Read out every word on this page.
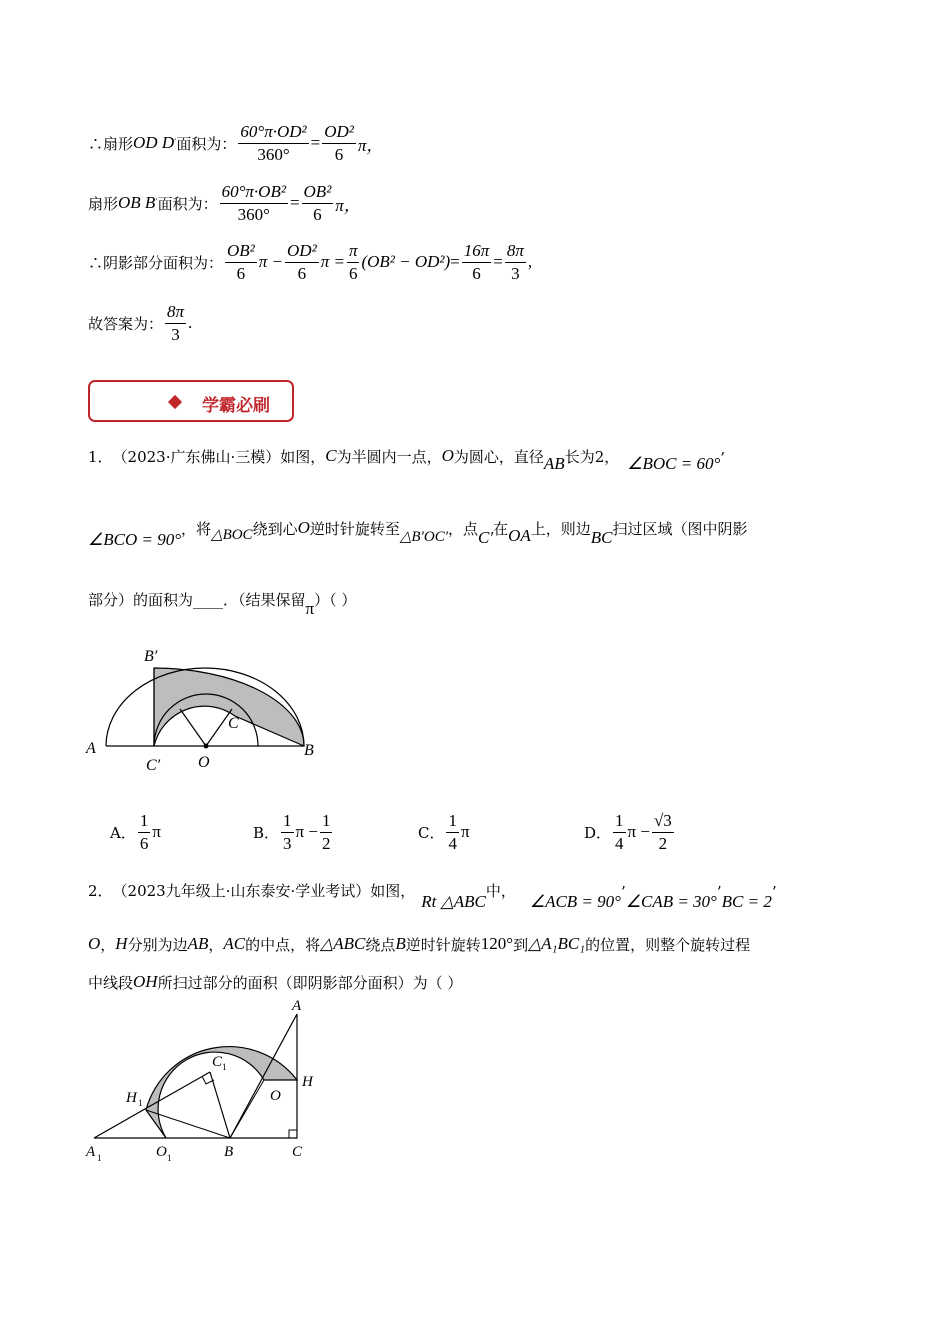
∴扇形 OD D ′ 面积为： $\frac{\text{60°π·OD²}}{360^\circ} = \frac{\text{OD²}}{6}$ π，
扇形 OB B ′ 面积为： $\frac{\text{60°π·OB²}}{360^\circ} = \frac{\text{OB²}}{6}$ π，
∴阴影部分面积为： $\frac{\text{OB²}}{6}$ $\pi - \frac{\text{OD²}}{6}$ $\pi = \frac{\pi}{6} (OB^2 - OD^2) = \frac{16\pi}{6} = \frac{8\pi}{3}$ ,
故答案为： $\frac{8\pi}{3}$ .
学霸必刷
1． （2023·广东佛山·三模）如图， C 为半圆内一点， O 为圆心，直径 AB 长为2， ∠BOC = 60° ’
∠BCO = 90°
，将 △BOC 绕到心 O 逆时针旋转至 △B′OC′ ，点 C′ 在 OA 上，则边 BC 扫过区域（图中阴影
部分）的面积为____．（结果保留 π ）（ ）
A	B
B′
C
C′ O
A． $\frac{1}{6}$ π	B． $\frac{1}{3}$ $\pi - \frac{1}{2}$	C． $\frac{1}{4}$ π	D． $\frac{1}{4}$ $\pi - \frac{√3}{2}$
2． （2023九年级上·山东泰安·学业考试）如图，
Rt △ABC
中，
∠ACB = 90° ’ ∠CAB = 30° ’ BC = 2 ’
O ， H 分别为边 AB ， AC 的中点，将 △ABC 绕点 B 逆时针旋转 120° 到 △A₁BC₁ 的位置，则整个旋转过程
中线段 OH 所扫过部分的面积（即阴影部分面积）为（ ）
A
H
C 1
O
H 1
A 1	O 1	B	C
